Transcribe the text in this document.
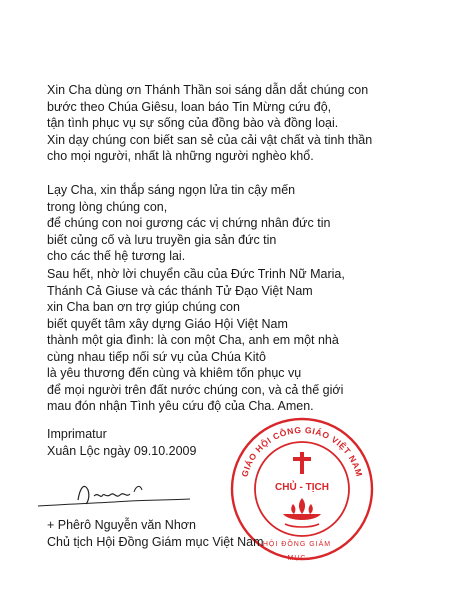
Xin Cha dùng ơn Thánh Thần soi sáng dẫn dắt chúng con
bước theo Chúa Giêsu, loan báo Tin Mừng cứu độ,
tận tình phục vụ sự sống của đồng bào và đồng loại.
Xin dạy chúng con biết san sẻ của cải vật chất và tinh thần
cho mọi người, nhất là những người nghèo khổ.

Lạy Cha, xin thắp sáng ngọn lửa tin cậy mến
trong lòng chúng con,
để chúng con noi gương các vị chứng nhân đức tin
biết củng cố và lưu truyền gia sản đức tin
cho các thế hệ tương lai.

Sau hết, nhờ lời chuyển cầu của Đức Trinh Nữ Maria,
Thánh Cả Giuse và các thánh Tử Đạo Việt Nam
xin Cha ban ơn trợ giúp chúng con
biết quyết tâm xây dựng Giáo Hội Việt Nam
thành một gia đình: là con một Cha, anh em một nhà
cùng nhau tiếp nối sứ vụ của Chúa Kitô
là yêu thương đến cùng và khiêm tốn phục vụ
để mọi người trên đất nước chúng con, và cả thế giới
mau đón nhận Tình yêu cứu độ của Cha. Amen.

Imprimatur
Xuân Lộc ngày 09.10.2009
GIÁO HỘI CÔNG GIÁO VIỆT NAM
CHỦ - TỊCH
HỘI ĐỒNG GIÁM MỤC
+ Phêrô Nguyễn văn Nhơn
Chủ tịch Hội Đồng Giám mục Việt Nam
